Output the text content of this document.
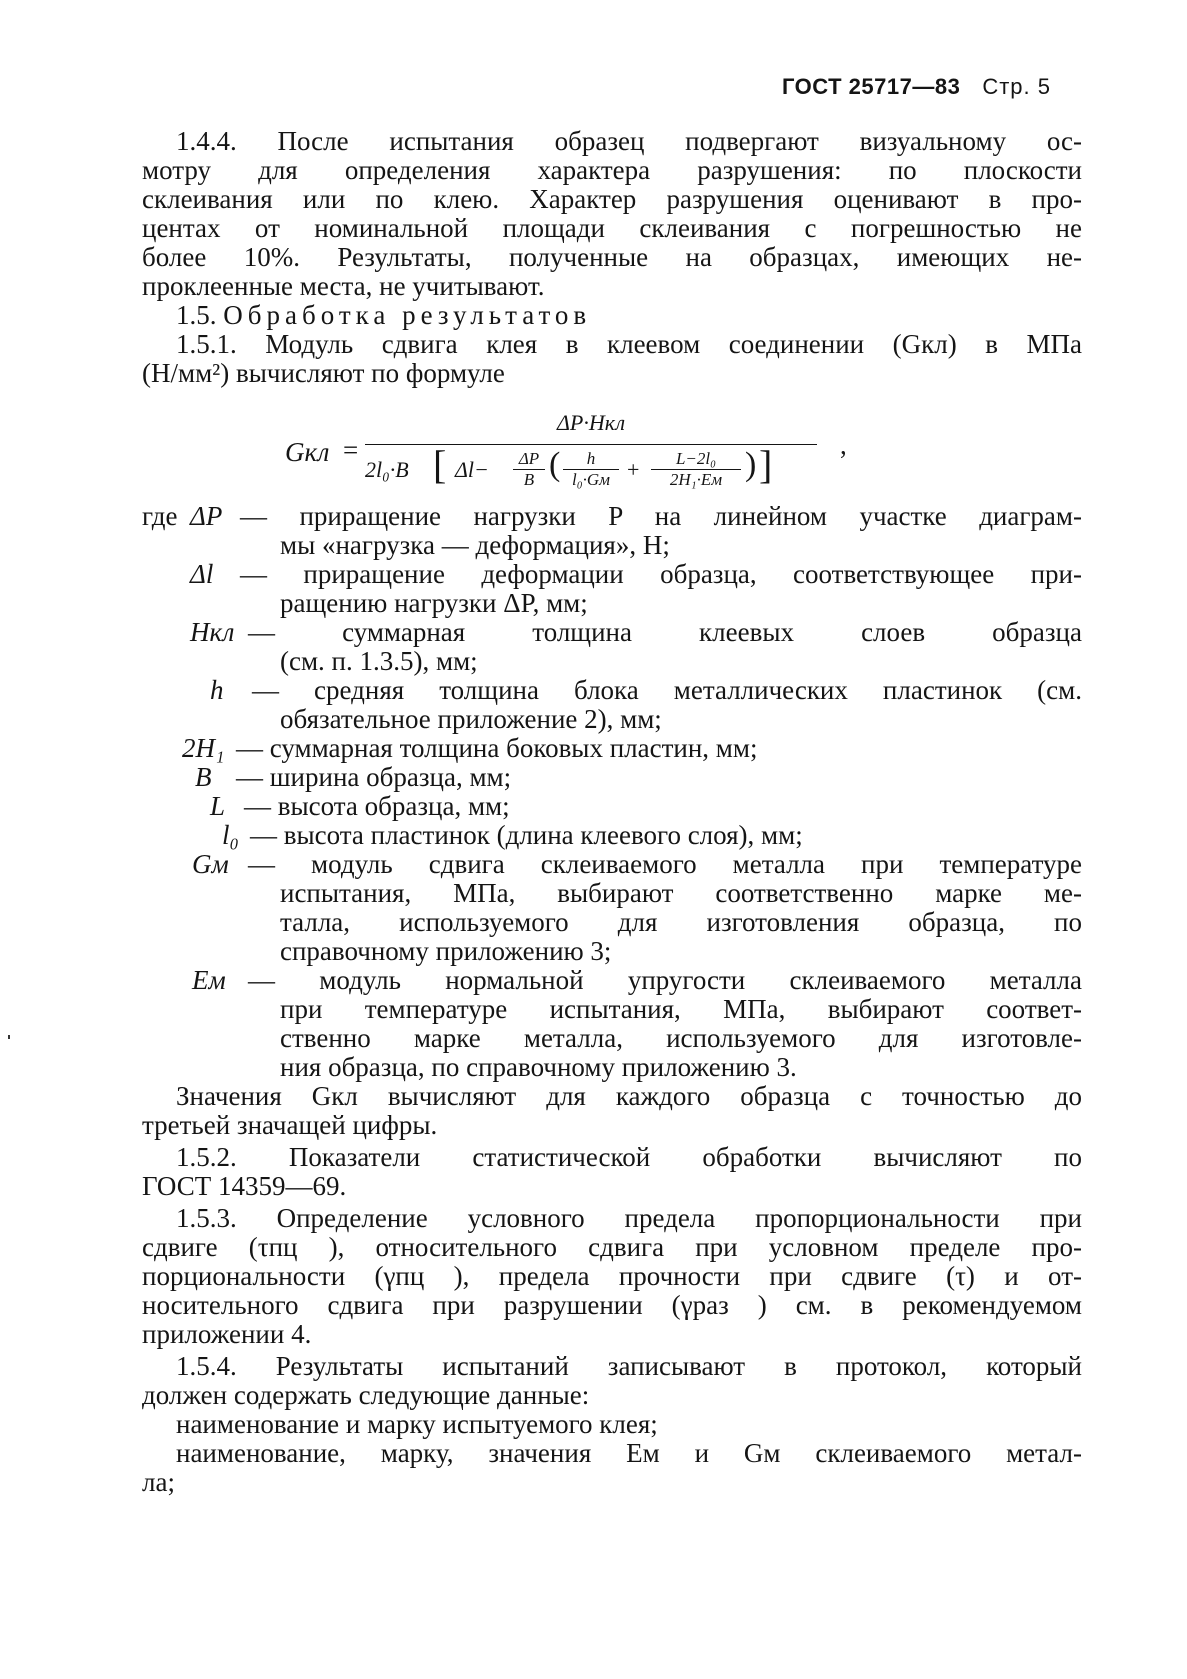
ГОСТ 25717—83 Стр. 5
1.4.4. После испытания образец подвергают визуальному ос-
мотру для определения характера разрушения: по плоскости
склеивания или по клею. Характер разрушения оценивают в про-
центах от номинальной площади склеивания с погрешностью не
более 10%. Результаты, полученные на образцах, имеющих не-
проклеенные места, не учитывают.
1.5. Обработка результатов
1.5.1. Модуль сдвига клея в клеевом соединении (Gкл) в МПа
(Н/мм²) вычисляют по формуле
Gкл =
ΔP·Hкл
2l₀·B [ Δl−	ΔP
B (	h
l₀·Gм +	L−2l₀
2H₁·Eм ) ]	,
где ΔP — приращение нагрузки P на линейном участке диаграм-
мы «нагрузка — деформация», Н;
Δl — приращение деформации образца, соответствующее при-
ращению нагрузки ΔP, мм;
Hкл — суммарная толщина клеевых слоев образца
(см. п. 1.3.5), мм;
h — средняя толщина блока металлических пластинок (см.
обязательное приложение 2), мм;
2H₁ — суммарная толщина боковых пластин, мм;
B — ширина образца, мм;
L — высота образца, мм;
l₀ — высота пластинок (длина клеевого слоя), мм;
Gм — модуль сдвига склеиваемого металла при температуре
испытания, МПа, выбирают соответственно марке ме-
талла, используемого для изготовления образца, по
справочному приложению 3;
Eм — модуль нормальной упругости склеиваемого металла
при температуре испытания, МПа, выбирают соответ-
ственно марке металла, используемого для изготовле-
ния образца, по справочному приложению 3.
Значения Gкл вычисляют для каждого образца с точностью до
третьей значащей цифры.
1.5.2. Показатели статистической обработки вычисляют по
ГОСТ 14359—69.
1.5.3. Определение условного предела пропорциональности при
сдвиге (τпц ), относительного сдвига при условном пределе про-
порциональности (γпц ), предела прочности при сдвиге (τ) и от-
носительного сдвига при разрушении (γраз ) см. в рекомендуемом
приложении 4.
1.5.4. Результаты испытаний записывают в протокол, который
должен содержать следующие данные:
наименование и марку испытуемого клея;
наименование, марку, значения Eм и Gм склеиваемого метал-
ла;
